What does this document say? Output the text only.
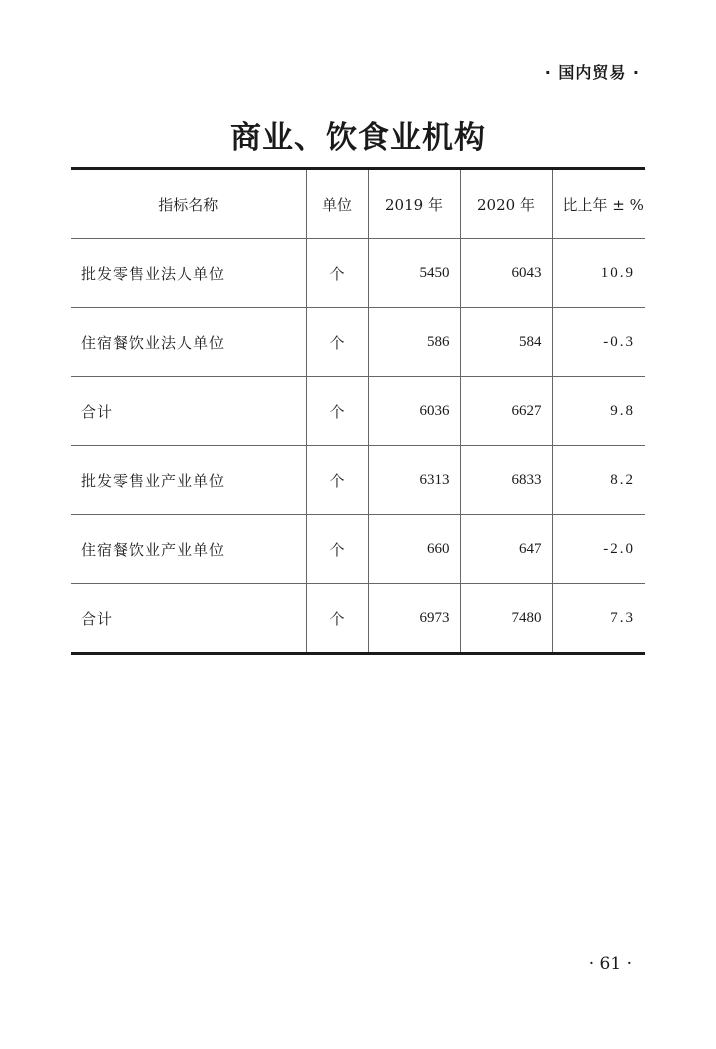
· 国内贸易 ·
商业、饮食业机构
指标名称	单位	2019 年	2020 年	比上年 ± %
批发零售业法人单位	个	5450	6043	10.9
住宿餐饮业法人单位	个	586	584	-0.3
合计	个	6036	6627	9.8
批发零售业产业单位	个	6313	6833	8.2
住宿餐饮业产业单位	个	660	647	-2.0
合计	个	6973	7480	7.3
· 61 ·
